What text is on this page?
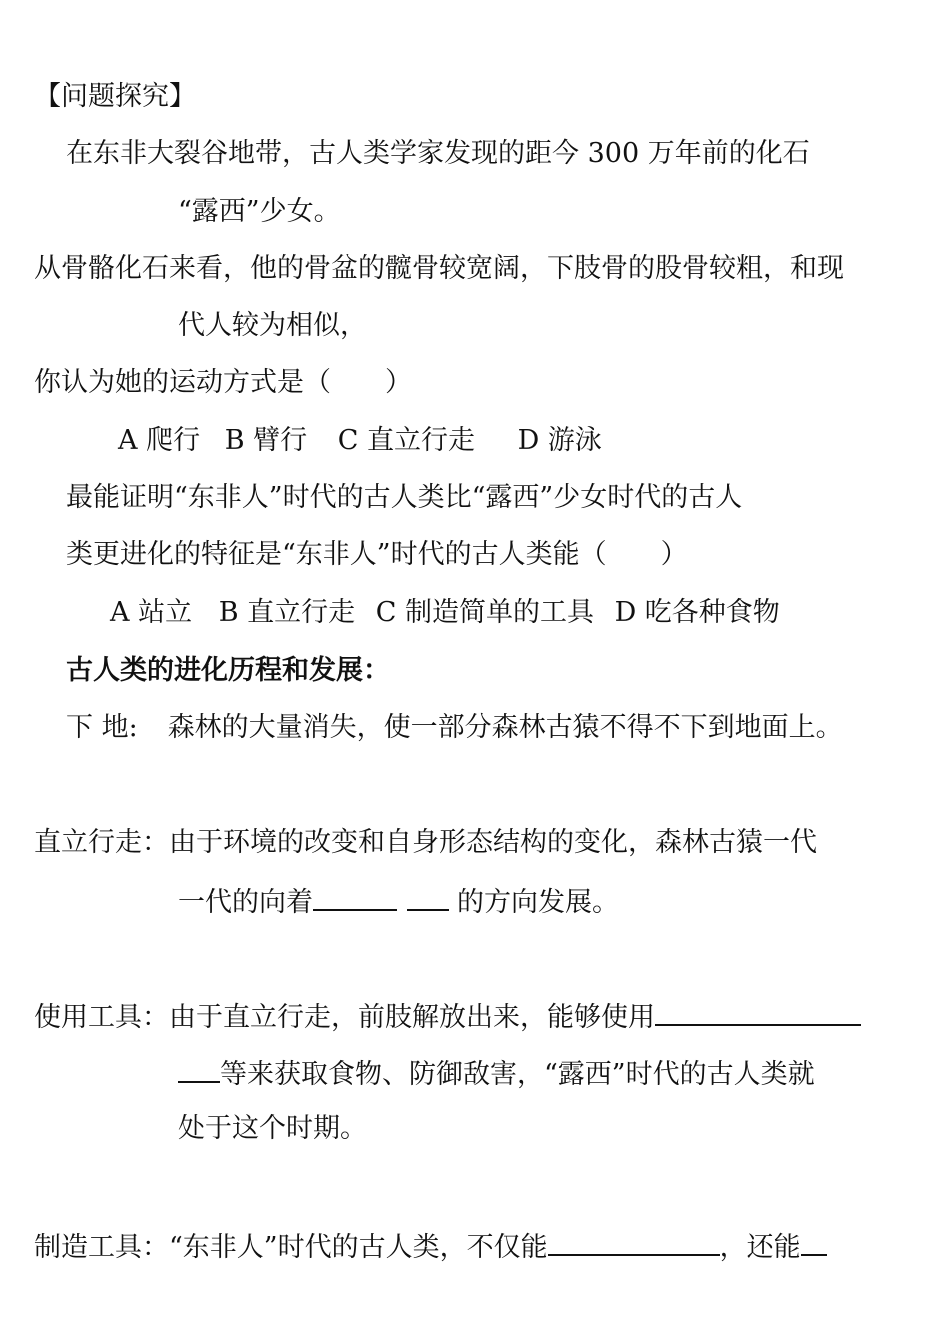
【问题探究】
在东非大裂谷地带，古人类学家发现的距今 300 万年前的化石
“露西”少女。
从骨骼化石来看，他的骨盆的髋骨较宽阔，下肢骨的股骨较粗，和现
代人较为相似，
你认为她的运动方式是（　　）
A 爬行 B 臂行 C 直立行走 D 游泳
最能证明“东非人”时代的古人类比“露西”少女时代的古人
类更进化的特征是“东非人”时代的古人类能（　　）
A 站立 B 直立行走 C 制造简单的工具 D 吃各种食物
古人类的进化历程和发展：
下 地: 森林的大量消失，使一部分森林古猿不得不下到地面上。
直立行走：由于环境的改变和自身形态结构的变化，森林古猿一代
一代的向着	的方向发展。
使用工具：由于直立行走，前肢解放出来，能够使用
等来获取食物、防御敌害，“露西”时代的古人类就
处于这个时期。
制造工具：“东非人”时代的古人类，不仅能	，还能
